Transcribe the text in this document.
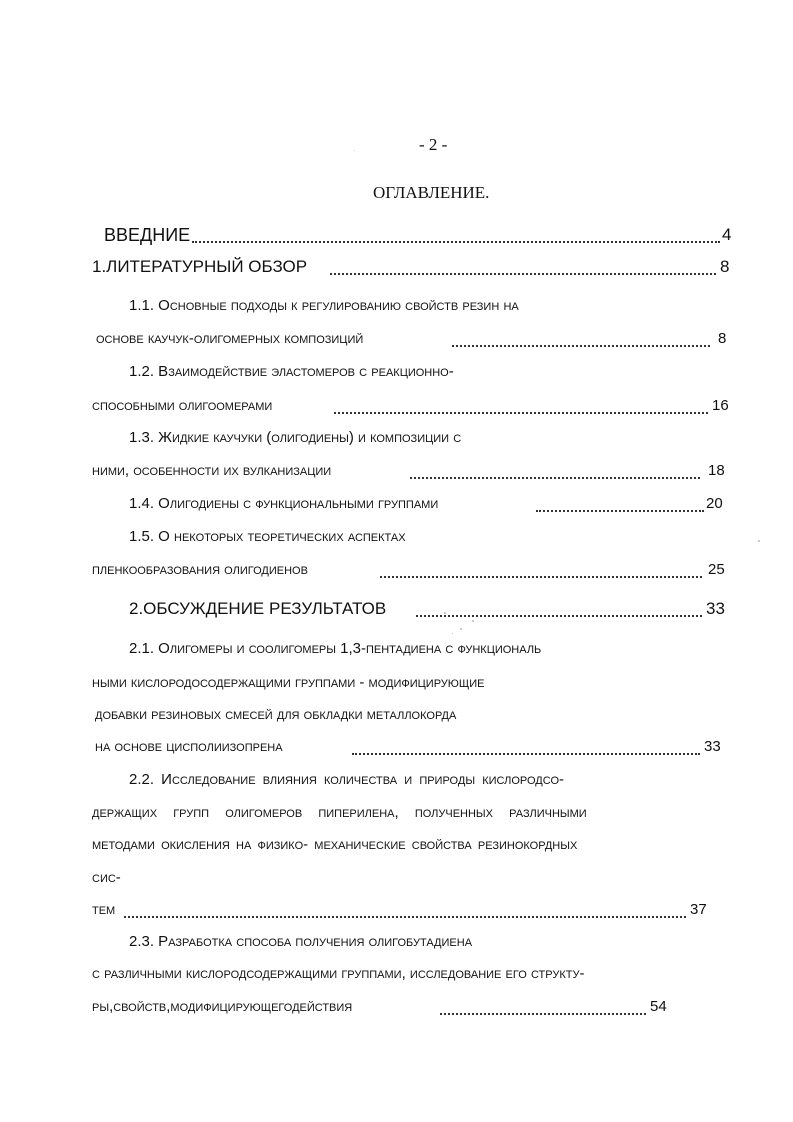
- 2 -
ОГЛАВЛЕНИЕ.
ВВЕДНИЕ	4
1.ЛИТЕРАТУРНЫЙ ОБЗОР	8
1.1. Основные подходы к регулированию свойств резин на
основе каучук-олигомерных композиций	8
1.2. Взаимодействие эластомеров с реакционно-
способными олигоомерами	16
1.3. Жидкие каучуки (олигодиены) и композиции с
ними, особенности их вулканизации	18
1.4. Олигодиены с функциональными группами	20
1.5. О некоторых теоретических аспектах
пленкообразования олигодиенов	25
2.ОБСУЖДЕНИЕ РЕЗУЛЬТАТОВ	33
2.1. Олигомеры и соолигомеры 1,3-пентадиена с функциональ
ными кислородосодержащими группами - модифицирующие
добавки резиновых смесей для обкладки металлокорда
на основе цисполиизопрена	33
2.2. Исследование влияния количества и природы кислородсо-
держащих групп олигомеров пиперилена, полученных различными
методами окисления на физико- механические свойства резинокордных
сис-
тем	37
2.3. Разработка способа получения олигобутадиена
с различными кислородсодержащими группами, исследование его структу-
ры,свойств,модифицирующегодействия	54
